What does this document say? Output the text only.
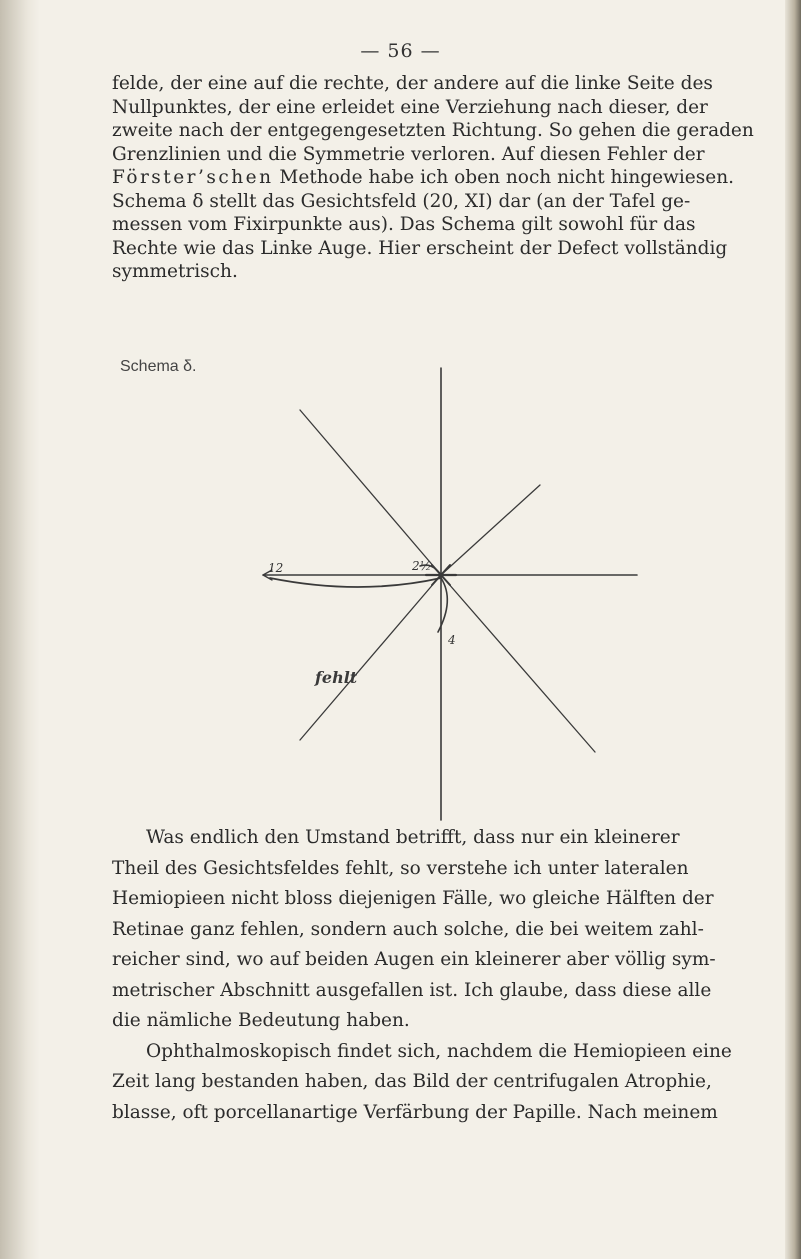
— 56 —

felde, der eine auf die rechte, der andere auf die linke Seite des

Nullpunktes, der eine erleidet eine Verziehung nach dieser, der

zweite nach der entgegengesetzten Richtung. So gehen die geraden

Grenzlinien und die Symmetrie verloren. Auf diesen Fehler der

Förster’schen Methode habe ich oben noch nicht hingewiesen.

Schema δ stellt das Gesichtsfeld (20, XI) dar (an der Tafel ge-

messen vom Fixirpunkte aus). Das Schema gilt sowohl für das

Rechte wie das Linke Auge. Hier erscheint der Defect vollständig

symmetrisch.

Schema δ.
12	2½
4
fehlt

Was endlich den Umstand betrifft, dass nur ein kleinerer

Theil des Gesichtsfeldes fehlt, so verstehe ich unter lateralen

Hemiopieen nicht bloss diejenigen Fälle, wo gleiche Hälften der

Retinae ganz fehlen, sondern auch solche, die bei weitem zahl-

reicher sind, wo auf beiden Augen ein kleinerer aber völlig sym-

metrischer Abschnitt ausgefallen ist. Ich glaube, dass diese alle

die nämliche Bedeutung haben.

Ophthalmoskopisch findet sich, nachdem die Hemiopieen eine

Zeit lang bestanden haben, das Bild der centrifugalen Atrophie,

blasse, oft porcellanartige Verfärbung der Papille. Nach meinem
